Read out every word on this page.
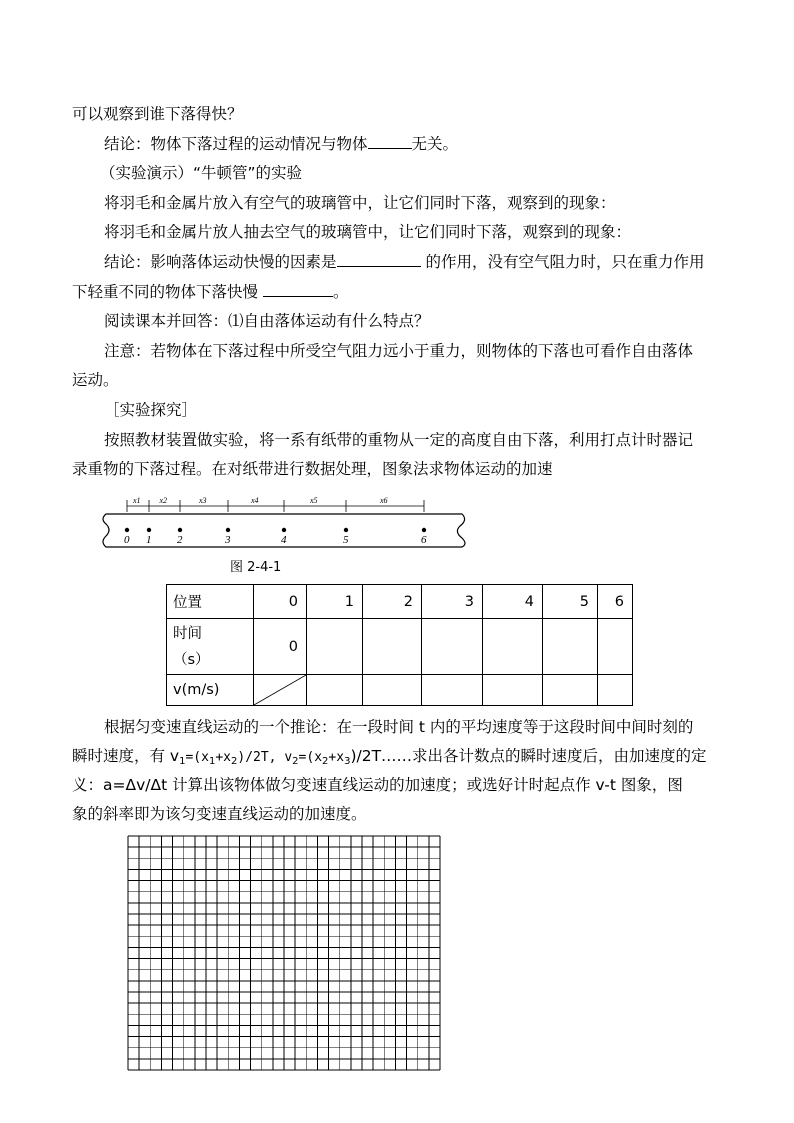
可以观察到谁下落得快？
结论：物体下落过程的运动情况与物体	无关。
（实验演示）“牛顿管”的实验
将羽毛和金属片放入有空气的玻璃管中，让它们同时下落，观察到的现象：
将羽毛和金属片放人抽去空气的玻璃管中，让它们同时下落，观察到的现象：
结论：影响落体运动快慢的因素是	的作用，没有空气阻力时，只在重力作用
下轻重不同的物体下落快慢	。
阅读课本并回答：⑴自由落体运动有什么特点？
注意：若物体在下落过程中所受空气阻力远小于重力，则物体的下落也可看作自由落体
运动。
［实验探究］
按照教材装置做实验，将一系有纸带的重物从一定的高度自由下落，利用打点计时器记
录重物的下落过程。在对纸带进行数据处理，图象法求物体运动的加速
0 1 2	3	4	5	6
x1 x2	x3	x4	x5	x6
图 2-4-1
位置	0	1	2	3	4	5	6
时间
（s）	0						
v(m/s)	

根据匀变速直线运动的一个推论：在一段时间 t 内的平均速度等于这段时间中间时刻的
瞬时速度，有 $v_1=(x_1+x_2)/2T$, $v_2=(x_2+x_3)/2T\dots\dots$求出各计数点的瞬时速度后，由加速度的定
义：a=Δv/Δt 计算出该物体做匀变速直线运动的加速度；或选好计时起点作 v-t 图象，图
象的斜率即为该匀变速直线运动的加速度。
